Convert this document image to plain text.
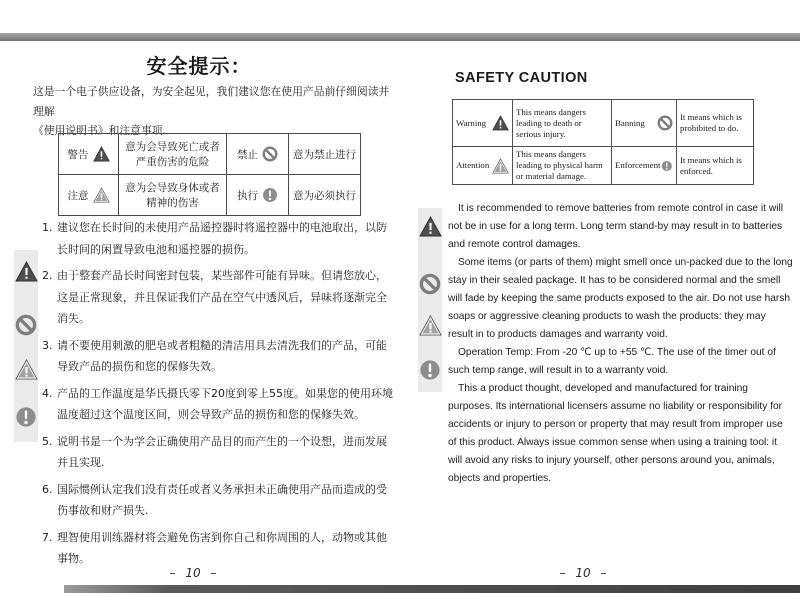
安全提示：
这是一个电子供应设备，为安全起见，我们建议您在使用产品前仔细阅读并理解
《使用说明书》和注意事项.
警告	意为会导致死亡或者严重伤害的危险	禁止	意为禁止进行

注意	意为会导致身体或者精神的伤害	执行	意为必须执行
1. 建议您在长时间的未使用产品遥控器时将遥控器中的电池取出，以防长时间的闲置导致电池和遥控器的损伤。
2. 由于整套产品长时间密封包装，某些部件可能有异味。但请您放心，这是正常现象，并且保证我们产品在空气中透风后，异味将逐渐完全消失。
3. 请不要使用刺激的肥皂或者粗糙的清洁用具去清洗我们的产品，可能导致产品的损伤和您的保修失效。
4. 产品的工作温度是华氏摄氏零下20度到零上55度。如果您的使用环境温度超过这个温度区间，则会导致产品的损伤和您的保修失效。
5. 说明书是一个为学会正确使用产品目的而产生的一个设想，进而发展并且实现.
6. 国际惯例认定我们没有责任或者义务承担未正确使用产品而造成的受伤事故和财产损失.
7. 理智使用训练器材将会避免伤害到你自己和你周围的人，动物或其他事物。
– 10 –
SAFETY CAUTION
Warning	This means dangers leading to death or serious injury.	Banning	It means which is prohibited to do.

Attention	This means dangers leading to physical harm or material damage.	Enforcement	It means which is enforced.

It is recommended to remove batteries from remote control in case it will not be in use for a long term. Long term stand-by may result in to batteries and remote control damages.

Some items (or parts of them) might smell once un-packed due to the long stay in their sealed package. It has to be considered normal and the smell will fade by keeping the same products exposed to the air. Do not use harsh soaps or aggressive cleaning products to wash the products: they may result in to products damages and warranty void.

Operation Temp: From -20 ℃ up to +55 ℃. The use of the timer out of such temp range, will result in to a warranty void.

This a product thought, developed and manufactured for training purposes. Its international licensers assume no liability or responsibility for accidents or injury to person or property that may result from improper use of this product. Always issue common sense when using a training tool: it will avoid any risks to injury yourself, other persons around you, animals, objects and properties.

– 10 –
